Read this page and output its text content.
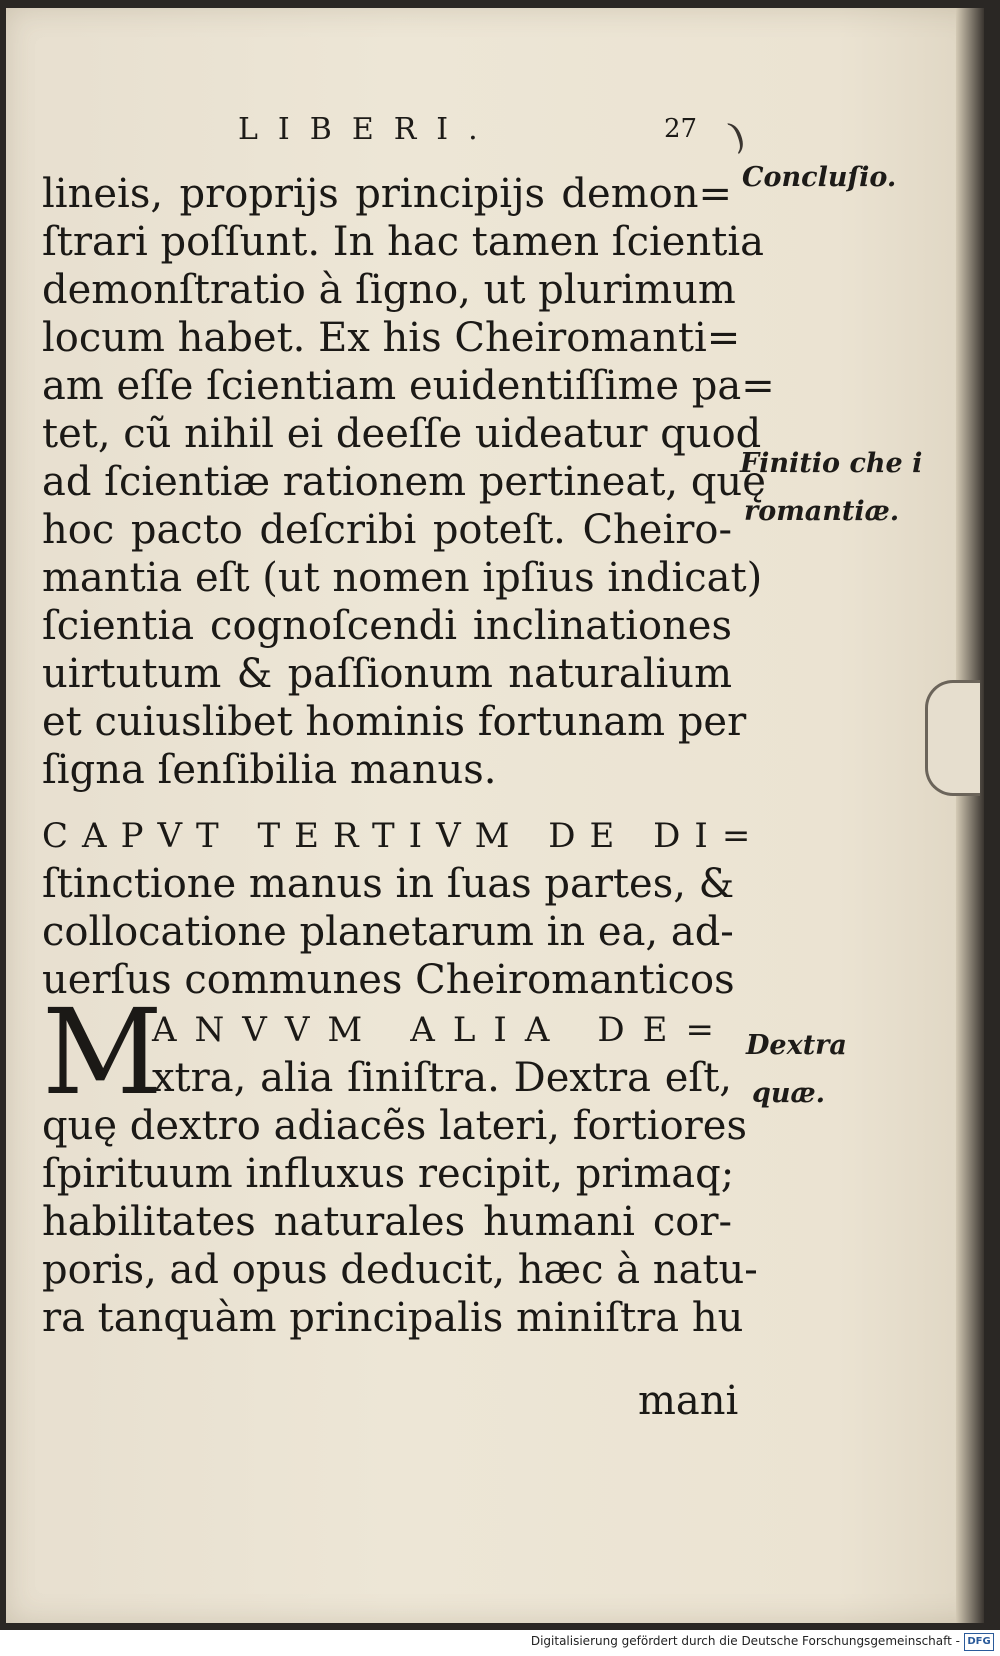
LIBERI.	27 )
lineis, proprijs principijs demon=
ſtrari poſſunt. In hac tamen ſcientia
demonſtratio à ſigno, ut plurimum
locum habet. Ex his Cheiromanti=
am eſſe ſcientiam euidentiſſime pa=
tet, cũ nihil ei deeſſe uideatur quod
ad ſcientiæ rationem pertineat, quę
hoc pacto deſcribi poteſt. Cheiro-
mantia eſt (ut nomen ipſius indicat)
ſcientia cognoſcendi inclinationes
uirtutum & paſſionum naturalium
et cuiuslibet hominis fortunam per
ſigna ſenſibilia manus.
CAPVT TERTIVM DE DI=
ſtinctione manus in ſuas partes, &
collocatione planetarum in ea, ad-
uerſus communes Cheiromanticos
M
ANVVM ALIA DE=
xtra, alia ſiniſtra. Dextra eſt,
quę dextro adiacẽs lateri, fortiores
ſpirituum influxus recipit, primaq;
habilitates naturales humani cor-
poris, ad opus deducit, hæc à natu-
ra tanquàm principalis miniſtra hu
mani
Concluſio.
Finitio che i
romantiæ.
Dextra
quæ.
Digitalisierung gefördert durch die Deutsche Forschungsgemeinschaft - DFG
